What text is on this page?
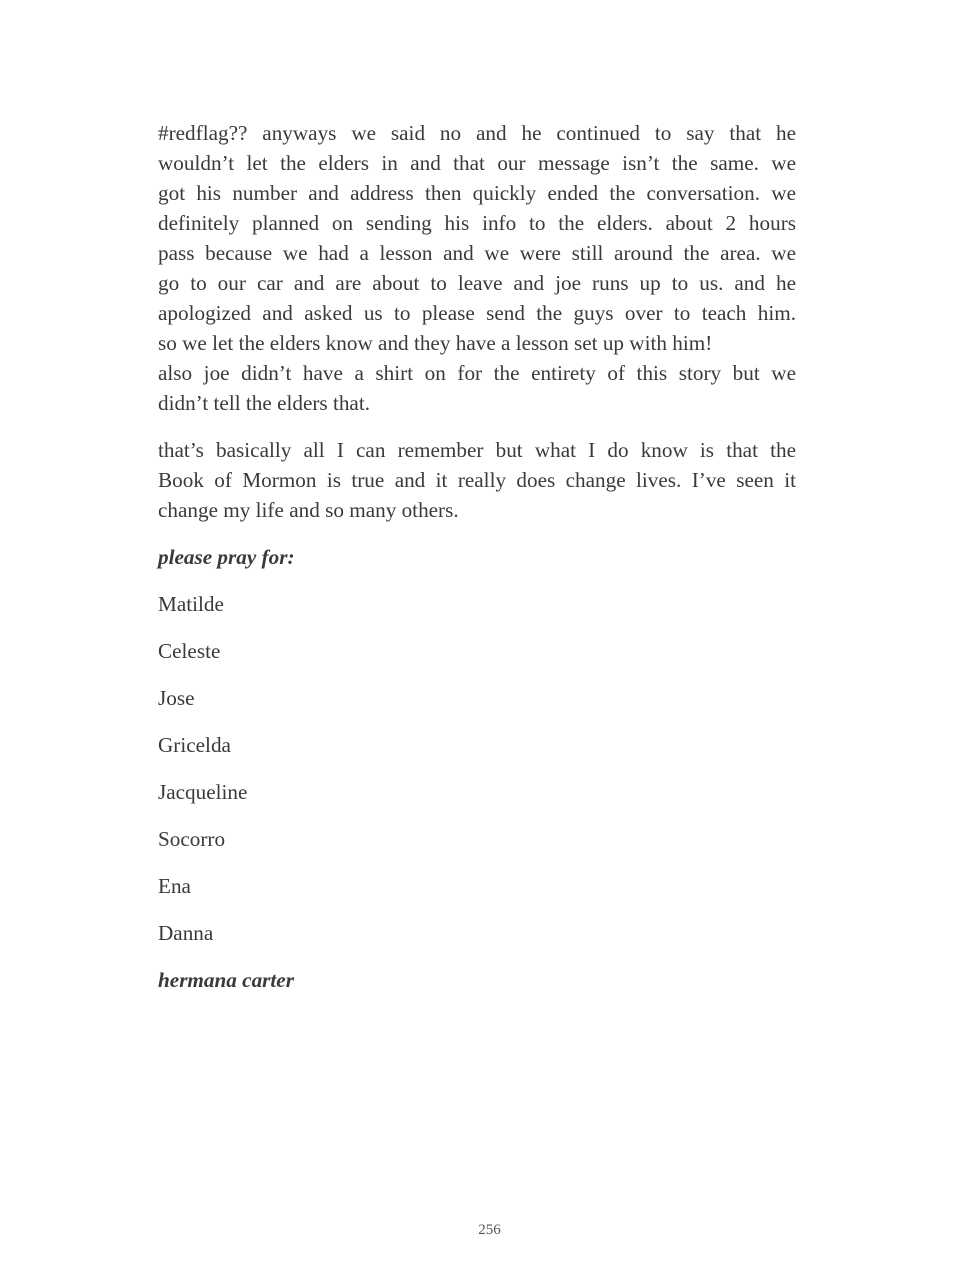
#redflag?? anyways we said no and he continued to say that he
wouldn’t let the elders in and that our message isn’t the same. we
got his number and address then quickly ended the conversation. we
definitely planned on sending his info to the elders. about 2 hours
pass because we had a lesson and we were still around the area. we
go to our car and are about to leave and joe runs up to us. and he
apologized and asked us to please send the guys over to teach him.
so we let the elders know and they have a lesson set up with him!
also joe didn’t have a shirt on for the entirety of this story but we
didn’t tell the elders that.
that’s basically all I can remember but what I do know is that the
Book of Mormon is true and it really does change lives. I’ve seen it
change my life and so many others.

please pray for:

Matilde
Celeste
Jose
Gricelda
Jacqueline
Socorro
Ena
Danna

hermana carter

256
